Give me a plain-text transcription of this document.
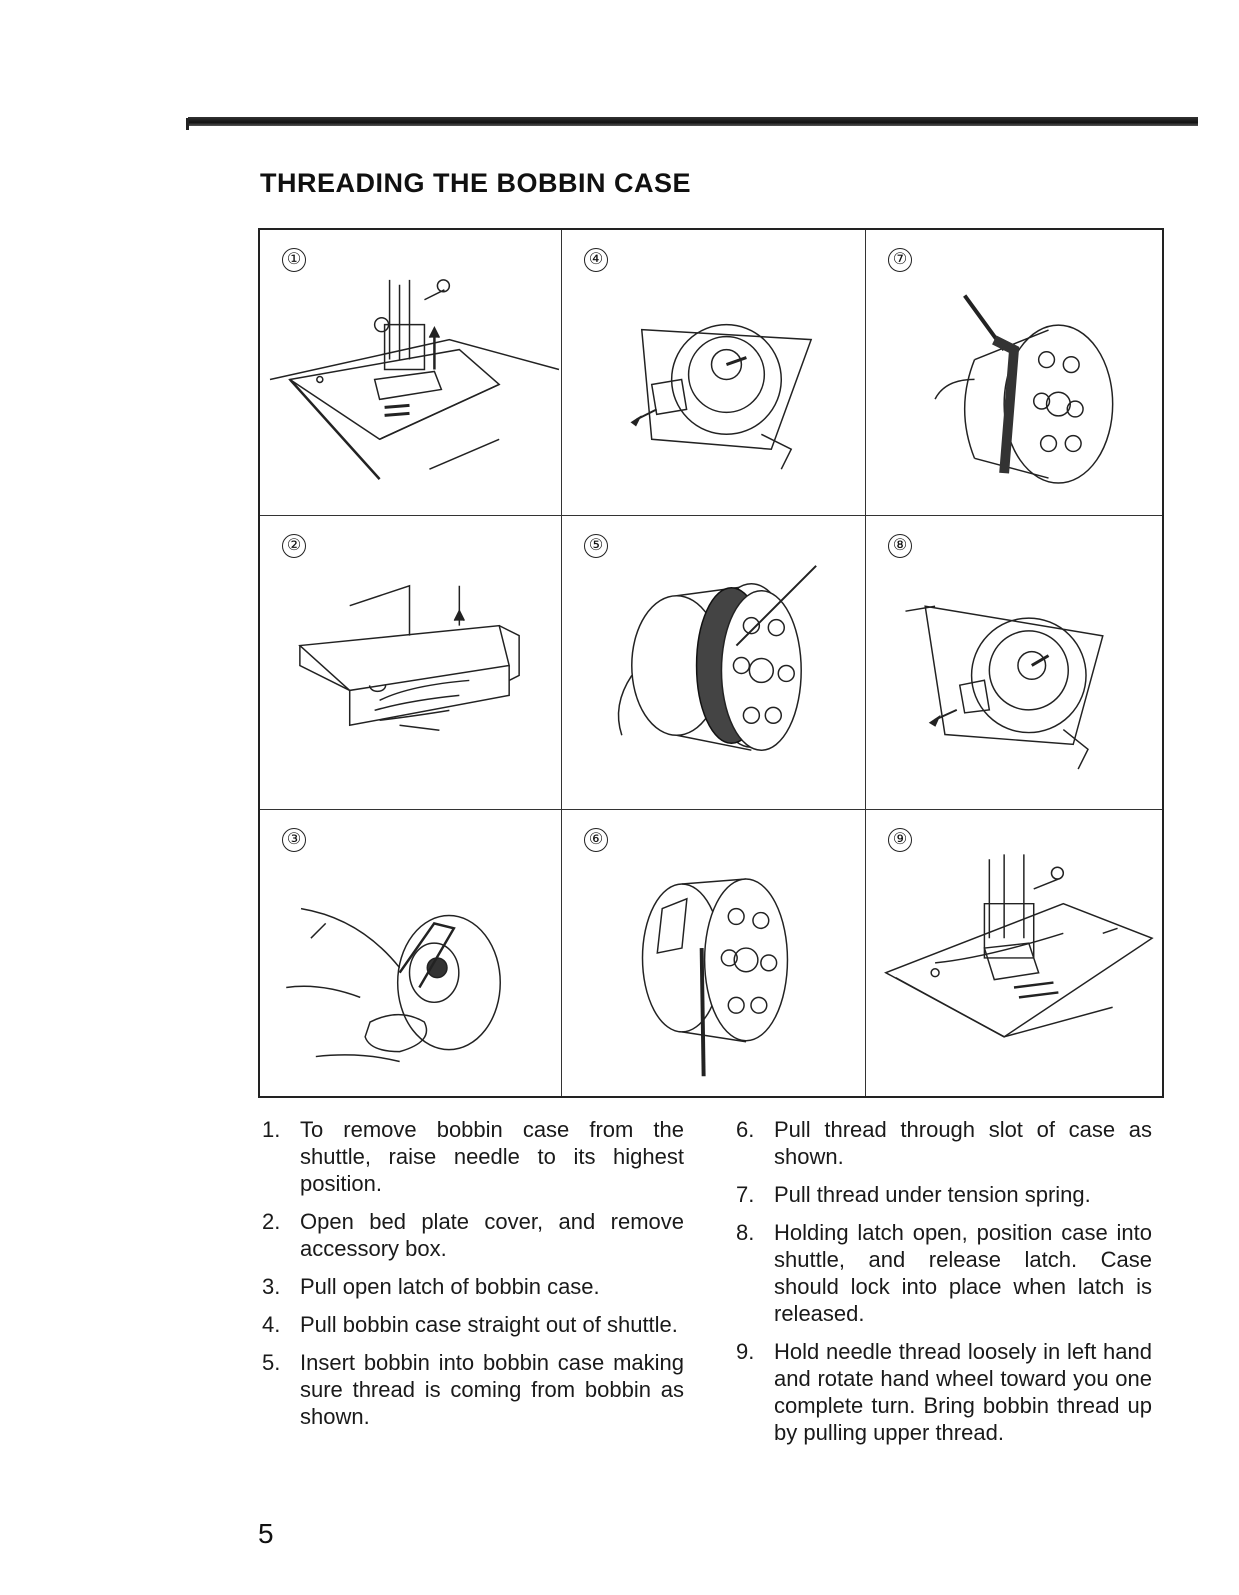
THREADING THE BOBBIN CASE
①	④	⑦
②	⑤	⑧
③	⑥	⑨
1. To remove bobbin case from the shuttle, raise needle to its highest position.
2. Open bed plate cover, and remove accessory box.
3. Pull open latch of bobbin case.
4. Pull bobbin case straight out of shuttle.
5. Insert bobbin into bobbin case making sure thread is coming from bobbin as shown.
6. Pull thread through slot of case as shown.
7. Pull thread under tension spring.
8. Holding latch open, position case into shuttle, and release latch. Case should lock into place when latch is released.
9. Hold needle thread loosely in left hand and rotate hand wheel toward you one complete turn. Bring bobbin thread up by pulling upper thread.
5
